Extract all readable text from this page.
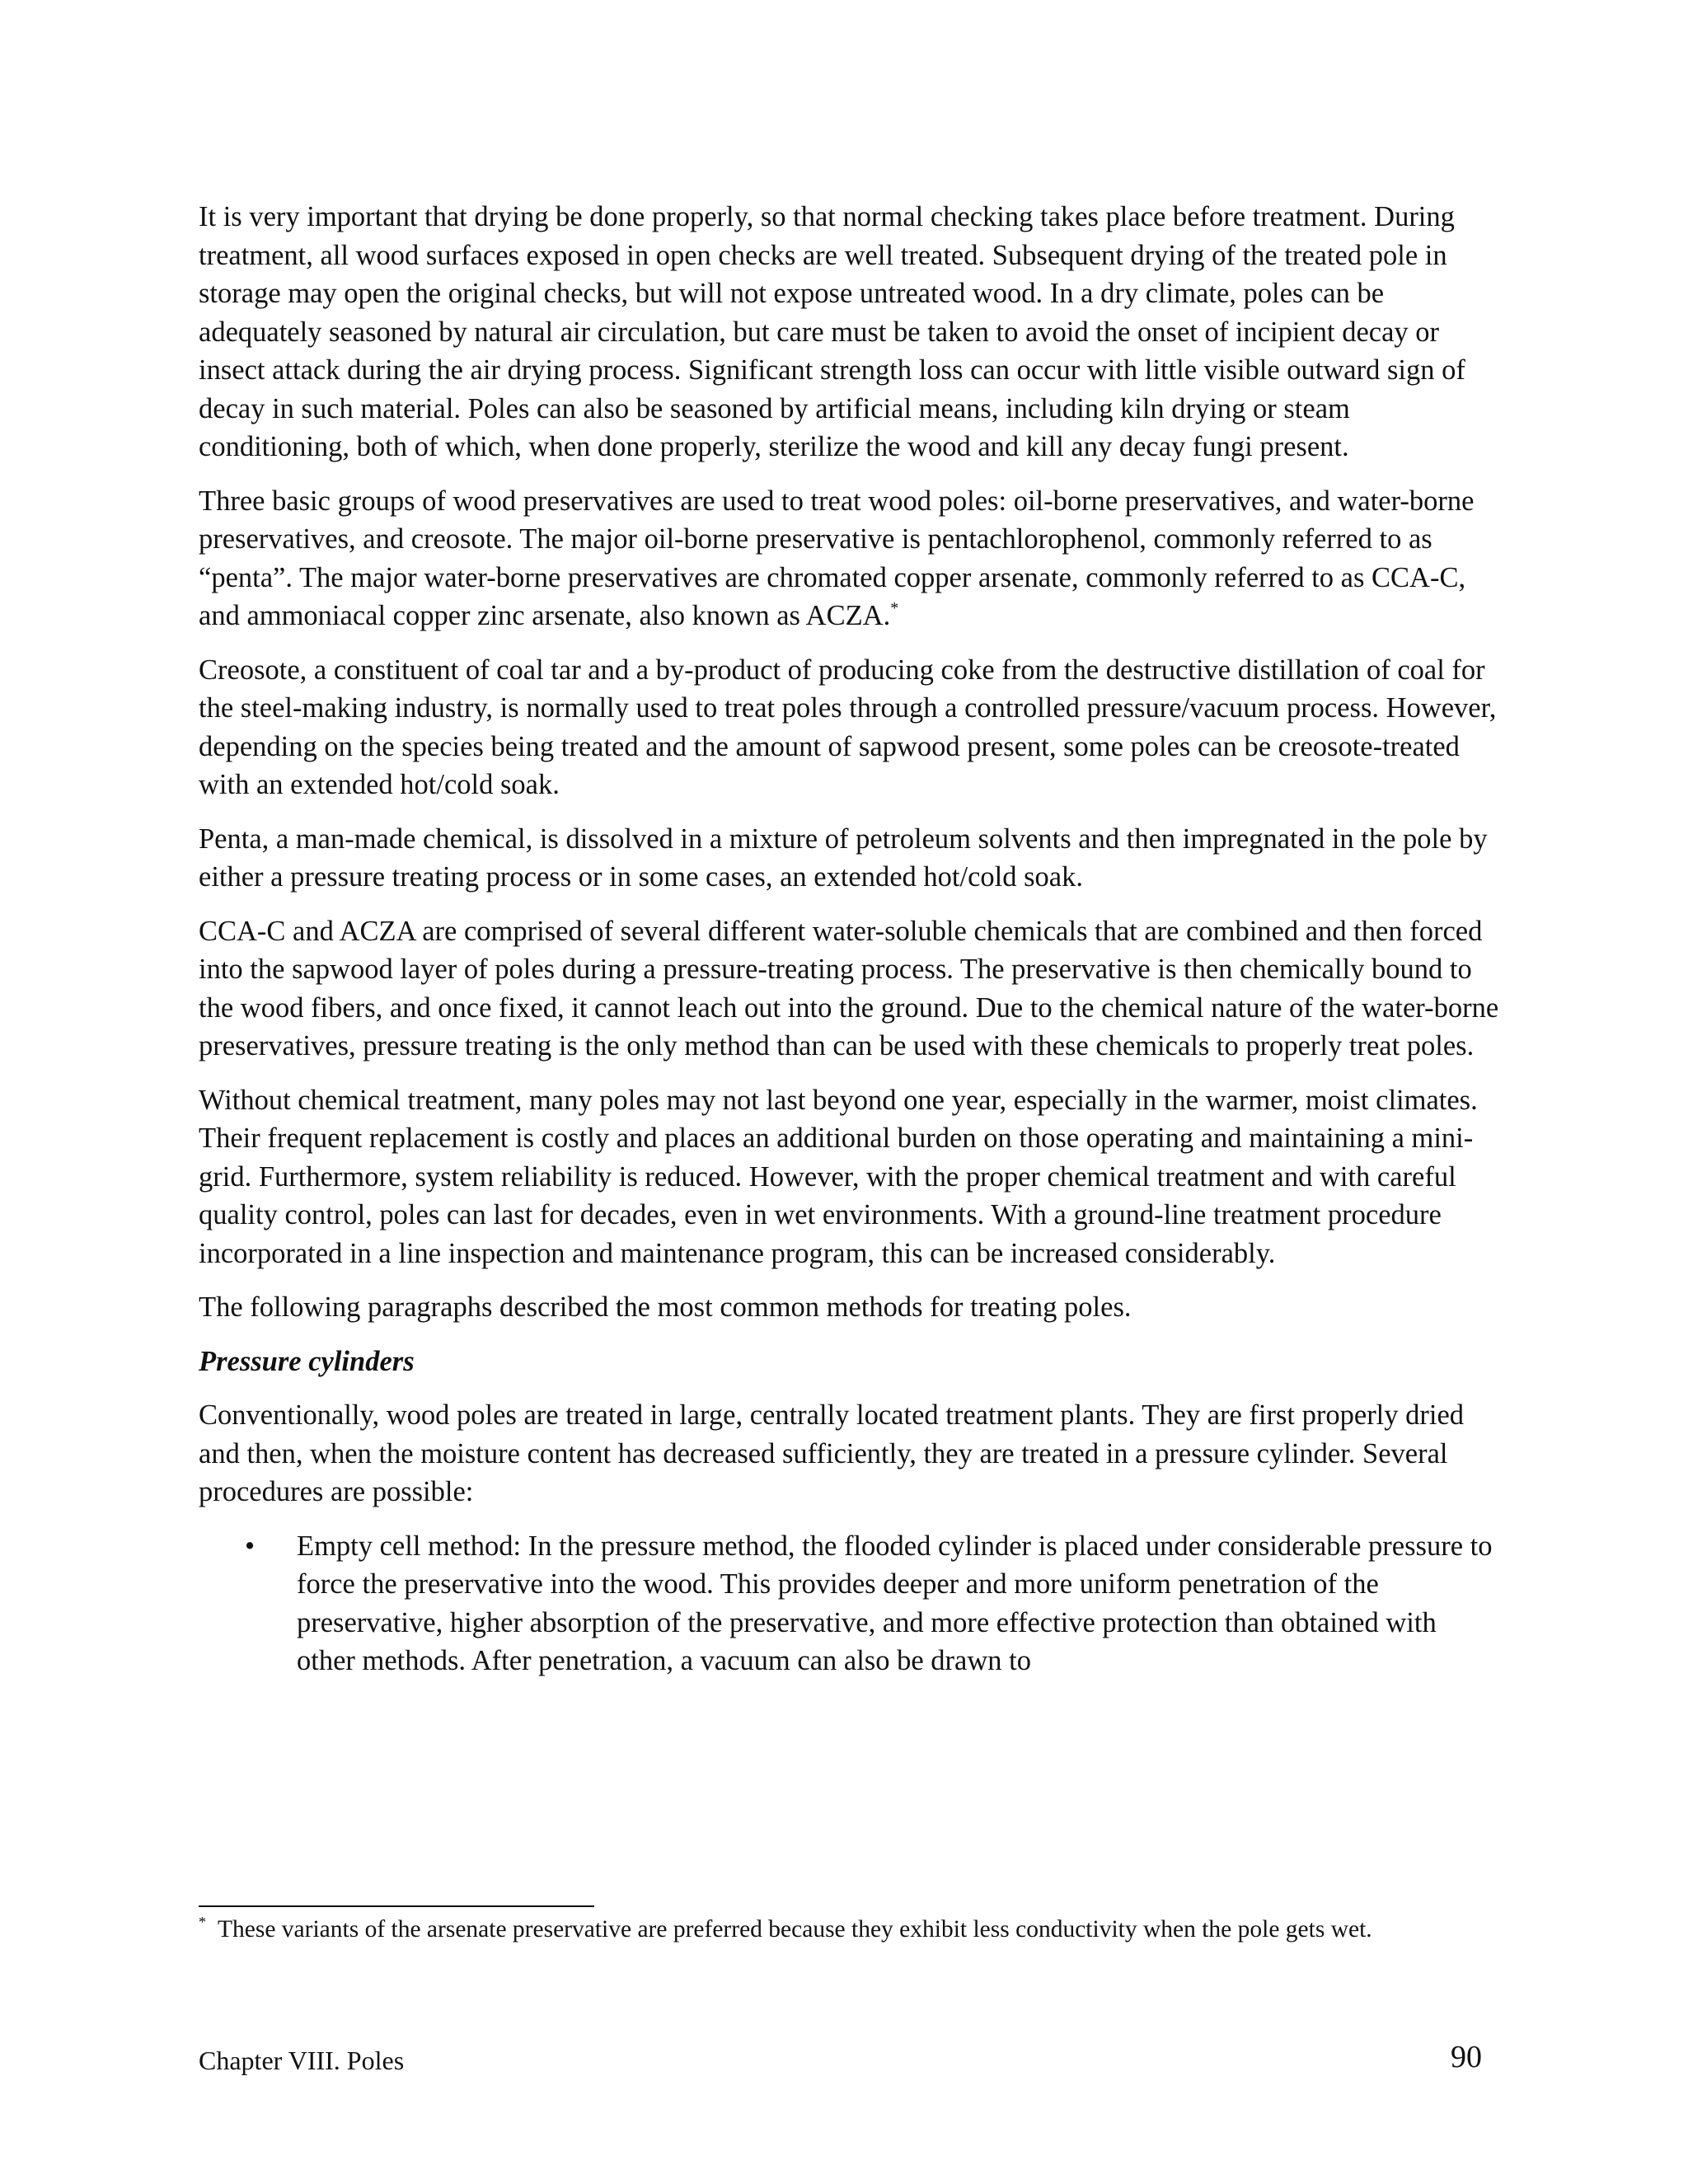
It is very important that drying be done properly, so that normal checking takes place before treatment. During treatment, all wood surfaces exposed in open checks are well treated. Subsequent drying of the treated pole in storage may open the original checks, but will not expose untreated wood. In a dry climate, poles can be adequately seasoned by natural air circulation, but care must be taken to avoid the onset of incipient decay or insect attack during the air drying process. Significant strength loss can occur with little visible outward sign of decay in such material. Poles can also be seasoned by artificial means, including kiln drying or steam conditioning, both of which, when done properly, sterilize the wood and kill any decay fungi present.

Three basic groups of wood preservatives are used to treat wood poles: oil-borne preservatives, and water-borne preservatives, and creosote. The major oil-borne preservative is pentachlorophenol, commonly referred to as “penta”. The major water-borne preservatives are chromated copper arsenate, commonly referred to as CCA-C, and ammoniacal copper zinc arsenate, also known as ACZA.*

Creosote, a constituent of coal tar and a by-product of producing coke from the destructive distillation of coal for the steel-making industry, is normally used to treat poles through a controlled pressure/vacuum process. However, depending on the species being treated and the amount of sapwood present, some poles can be creosote-treated with an extended hot/cold soak.

Penta, a man-made chemical, is dissolved in a mixture of petroleum solvents and then impregnated in the pole by either a pressure treating process or in some cases, an extended hot/cold soak.

CCA-C and ACZA are comprised of several different water-soluble chemicals that are combined and then forced into the sapwood layer of poles during a pressure-treating process. The preservative is then chemically bound to the wood fibers, and once fixed, it cannot leach out into the ground. Due to the chemical nature of the water-borne preservatives, pressure treating is the only method than can be used with these chemicals to properly treat poles.

Without chemical treatment, many poles may not last beyond one year, especially in the warmer, moist climates. Their frequent replacement is costly and places an additional burden on those operating and maintaining a mini-grid. Furthermore, system reliability is reduced. However, with the proper chemical treatment and with careful quality control, poles can last for decades, even in wet environments. With a ground-line treatment procedure incorporated in a line inspection and maintenance program, this can be increased considerably.

The following paragraphs described the most common methods for treating poles.

Pressure cylinders

Conventionally, wood poles are treated in large, centrally located treatment plants. They are first properly dried and then, when the moisture content has decreased sufficiently, they are treated in a pressure cylinder. Several procedures are possible:

• Empty cell method: In the pressure method, the flooded cylinder is placed under considerable pressure to force the preservative into the wood. This provides deeper and more uniform penetration of the preservative, higher absorption of the preservative, and more effective protection than obtained with other methods. After penetration, a vacuum can also be drawn to
* These variants of the arsenate preservative are preferred because they exhibit less conductivity when the pole gets wet.
Chapter VIII. Poles	90
